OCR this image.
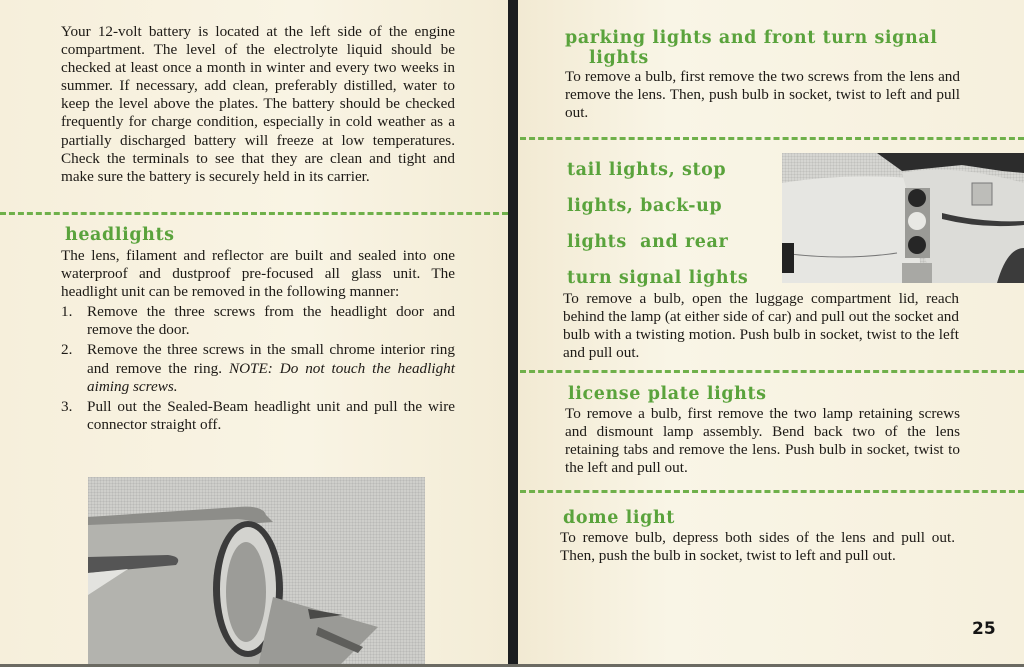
Your 12-volt battery is located at the left side of the engine compartment. The level of the electrolyte liquid should be checked at least once a month in winter and every two weeks in summer. If necessary, add clean, preferably distilled, water to keep the level above the plates. The battery should be checked frequently for charge condition, especially in cold weather as a partially discharged battery will freeze at low temperatures. Check the terminals to see that they are clean and tight and make sure the battery is securely held in its carrier.

headlights

The lens, filament and reflector are built and sealed into one waterproof and dustproof pre-focused all glass unit. The headlight unit can be removed in the following manner:

1. Remove the three screws from the headlight door and remove the door.
2. Remove the three screws in the small chrome interior ring and remove the ring. NOTE: Do not touch the headlight aiming screws.
3. Pull out the Sealed-Beam headlight unit and pull the wire connector straight off.
parking lights and front turn signal
lights

To remove a bulb, first remove the two screws from the lens and remove the lens. Then, push bulb in socket, twist to left and pull out.

tail lights, stop
lights, back-up
lights  and rear
turn signal lights

To remove a bulb, open the luggage compartment lid, reach behind the lamp (at either side of car) and pull out the socket and bulb with a twisting motion. Push bulb in socket, twist to the left and pull out.

license plate lights

To remove a bulb, first remove the two lamp retaining screws and dismount lamp assembly. Bend back two of the lens retaining tabs and remove the lens. Push bulb in socket, twist to the left and pull out.

dome light

To remove bulb, depress both sides of the lens and pull out. Then, push the bulb in socket, twist to left and pull out.

25
